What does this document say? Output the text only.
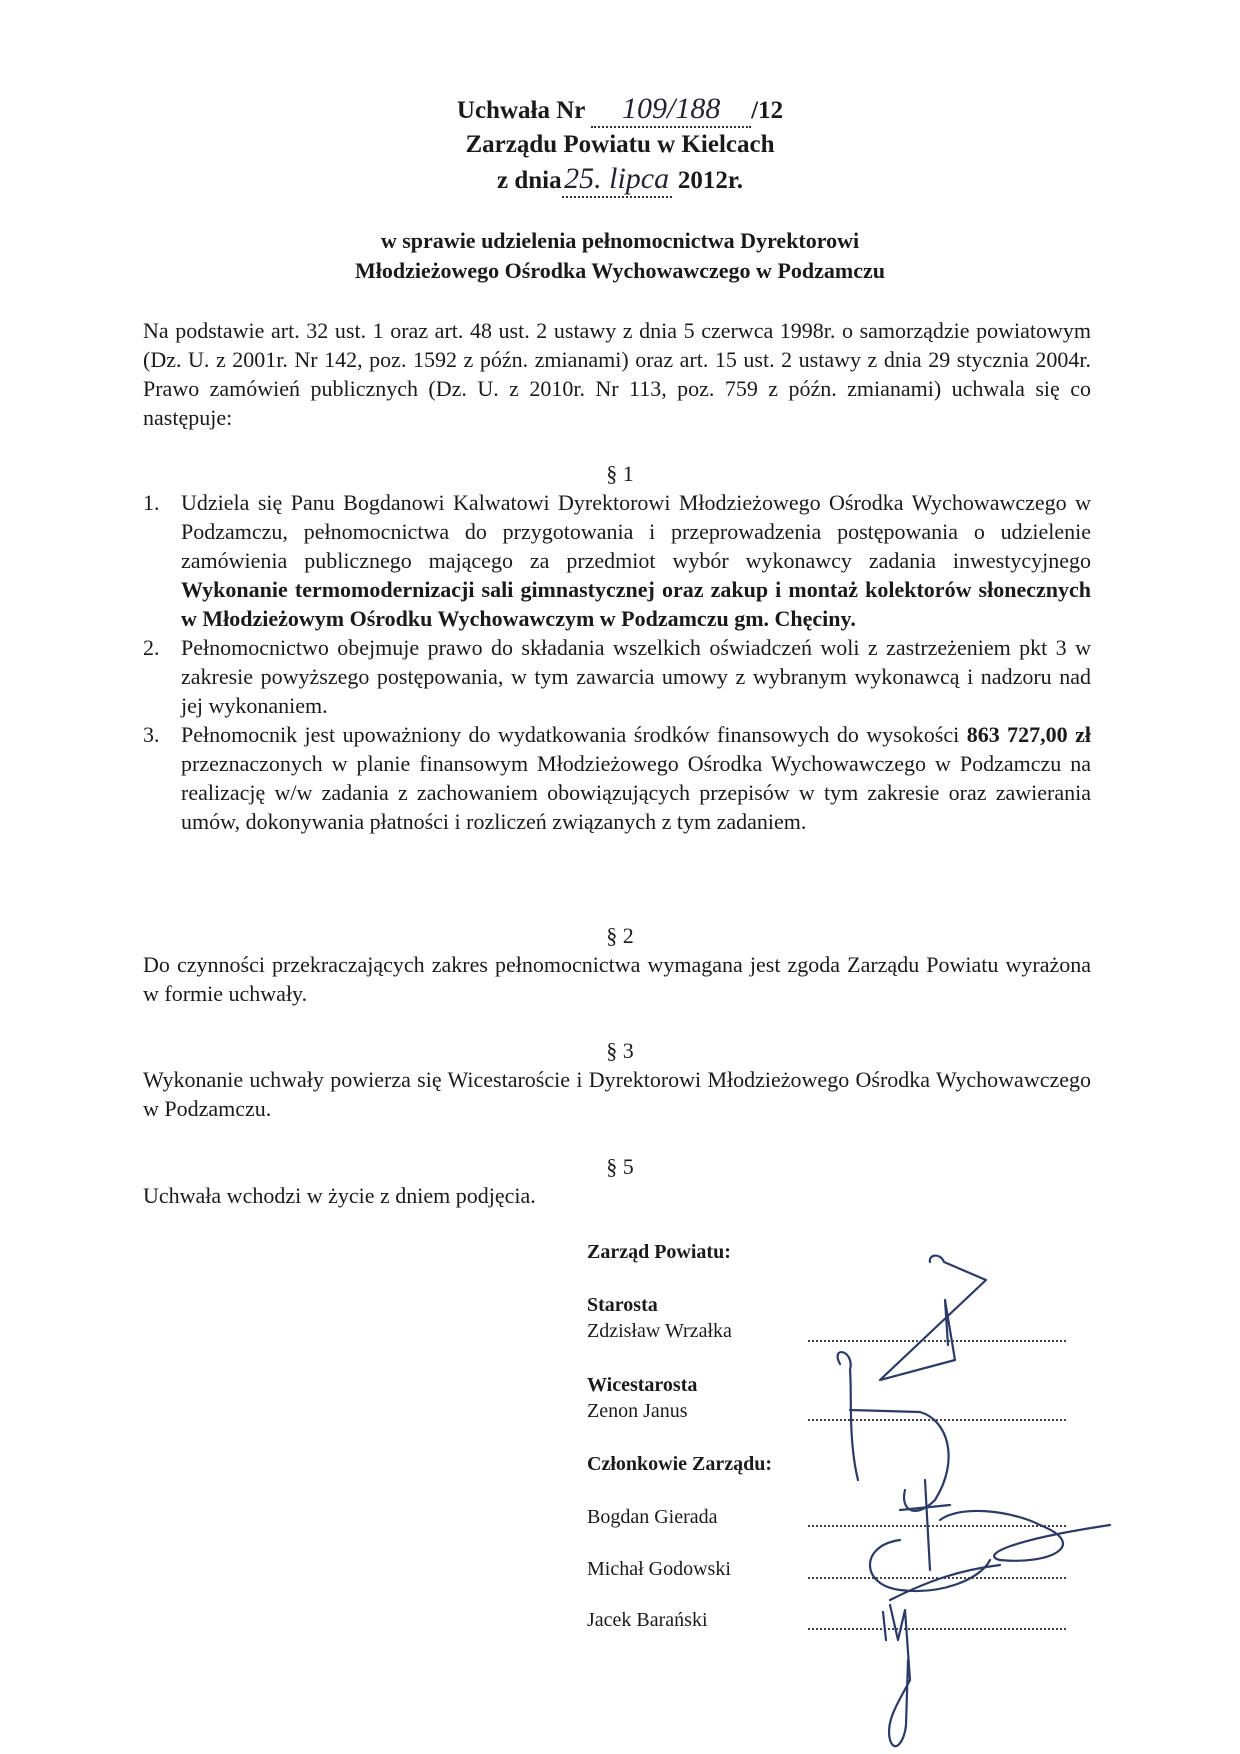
Uchwała Nr 109/188 /12
Zarządu Powiatu w Kielcach
z dnia25. lipca 2012r.
w sprawie udzielenia pełnomocnictwa Dyrektorowi
Młodzieżowego Ośrodka Wychowawczego w Podzamczu
Na podstawie art. 32 ust. 1 oraz art. 48 ust. 2 ustawy z dnia 5 czerwca 1998r. o samorządzie powiatowym (Dz. U. z 2001r. Nr 142, poz. 1592 z późn. zmianami) oraz art. 15 ust. 2 ustawy z dnia 29 stycznia 2004r. Prawo zamówień publicznych (Dz. U. z 2010r. Nr 113, poz. 759 z późn. zmianami) uchwala się co następuje:
§ 1
1. Udziela się Panu Bogdanowi Kalwatowi Dyrektorowi Młodzieżowego Ośrodka Wychowawczego w Podzamczu, pełnomocnictwa do przygotowania i przeprowadzenia postępowania o udzielenie zamówienia publicznego mającego za przedmiot wybór wykonawcy zadania inwestycyjnego Wykonanie termomodernizacji sali gimnastycznej oraz zakup i montaż kolektorów słonecznych w Młodzieżowym Ośrodku Wychowawczym w Podzamczu gm. Chęciny.
2. Pełnomocnictwo obejmuje prawo do składania wszelkich oświadczeń woli z zastrzeżeniem pkt 3 w zakresie powyższego postępowania, w tym zawarcia umowy z wybranym wykonawcą i nadzoru nad jej wykonaniem.
3. Pełnomocnik jest upoważniony do wydatkowania środków finansowych do wysokości 863 727,00 zł przeznaczonych w planie finansowym Młodzieżowego Ośrodka Wychowawczego w Podzamczu na realizację w/w zadania z zachowaniem obowiązujących przepisów w tym zakresie oraz zawierania umów, dokonywania płatności i rozliczeń związanych z tym zadaniem.
§ 2
Do czynności przekraczających zakres pełnomocnictwa wymagana jest zgoda Zarządu Powiatu wyrażona w formie uchwały.
§ 3
Wykonanie uchwały powierza się Wicestaroście i Dyrektorowi Młodzieżowego Ośrodka Wychowawczego w Podzamczu.
§ 5
Uchwała wchodzi w życie z dniem podjęcia.
Zarząd Powiatu:
Starosta
Zdzisław Wrzałka
Wicestarosta
Zenon Janus
Członkowie Zarządu:
Bogdan Gierada
Michał Godowski
Jacek Barański
